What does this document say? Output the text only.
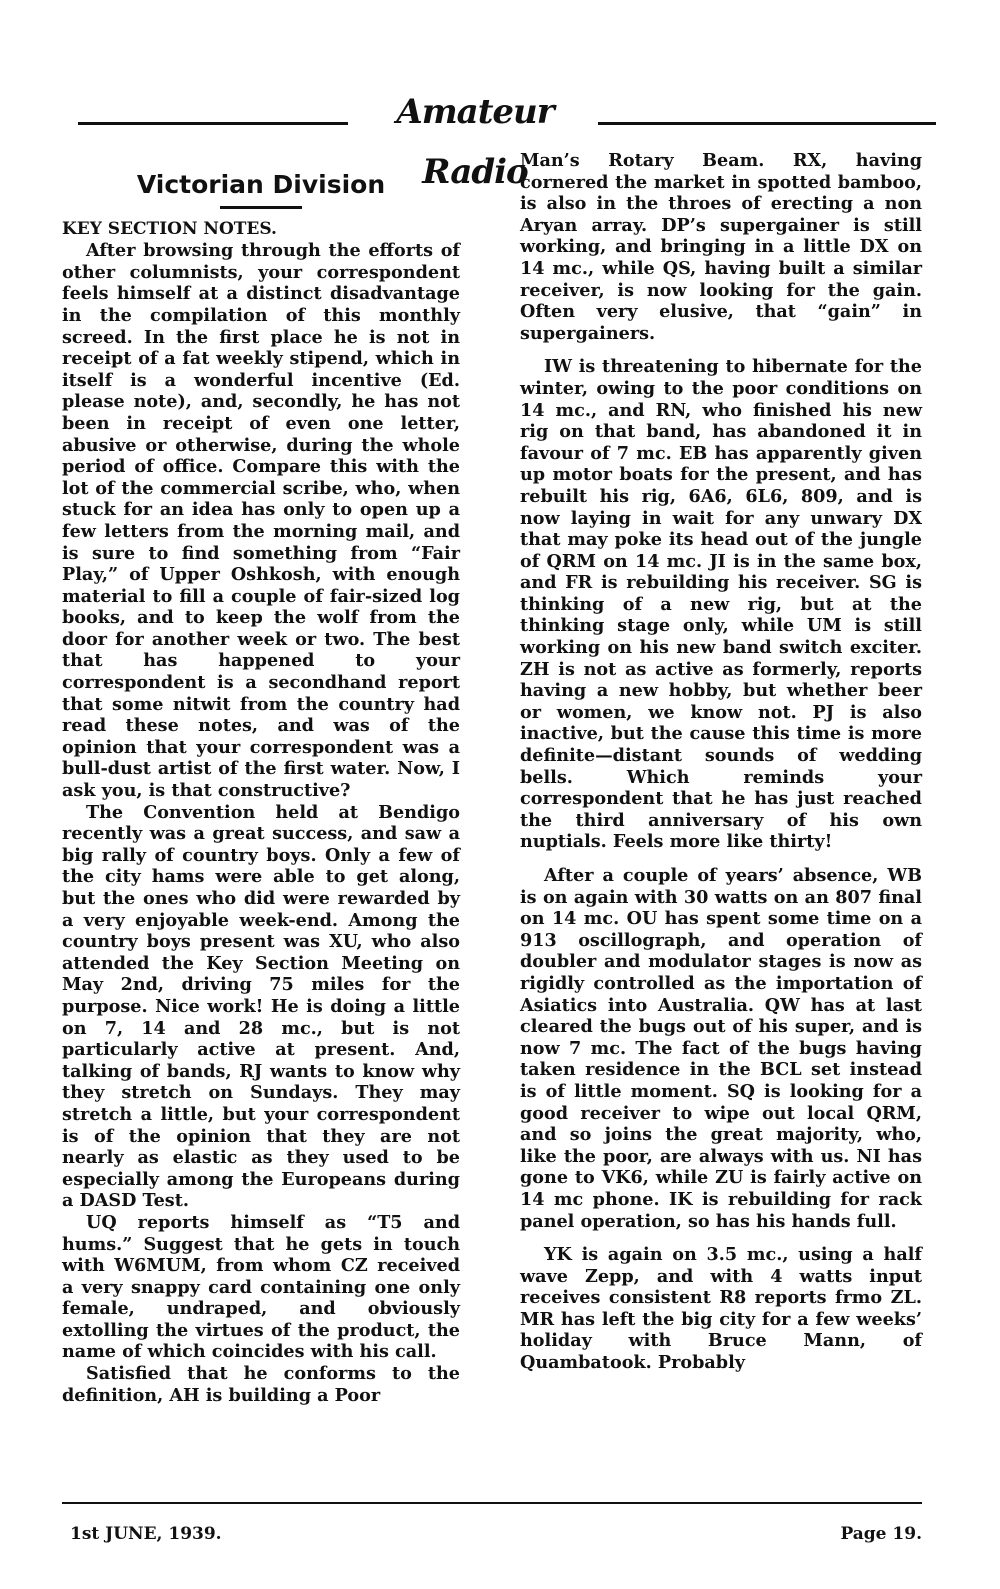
Amateur Radio
Victorian Division

KEY SECTION NOTES.

After browsing through the efforts of other columnists, your correspondent feels himself at a distinct disadvantage in the compilation of this monthly screed. In the first place he is not in receipt of a fat weekly stipend, which in itself is a wonderful incentive (Ed. please note), and, secondly, he has not been in receipt of even one letter, abusive or otherwise, during the whole period of office. Compare this with the lot of the commercial scribe, who, when stuck for an idea has only to open up a few letters from the morning mail, and is sure to find something from “Fair Play,” of Upper Oshkosh, with enough material to fill a couple of fair-sized log books, and to keep the wolf from the door for another week or two. The best that has happened to your correspondent is a secondhand report that some nitwit from the country had read these notes, and was of the opinion that your correspondent was a bull-dust artist of the first water. Now, I ask you, is that constructive?

The Convention held at Bendigo recently was a great success, and saw a big rally of country boys. Only a few of the city hams were able to get along, but the ones who did were rewarded by a very enjoyable week-end. Among the country boys present was XU, who also attended the Key Section Meeting on May 2nd, driving 75 miles for the purpose. Nice work! He is doing a little on 7, 14 and 28 mc., but is not particularly active at present. And, talking of bands, RJ wants to know why they stretch on Sundays. They may stretch a little, but your correspondent is of the opinion that they are not nearly as elastic as they used to be especially among the Europeans during a DASD Test.

UQ reports himself as “T5 and hums.” Suggest that he gets in touch with W6MUM, from whom CZ received a very snappy card containing one only female, undraped, and obviously extolling the virtues of the product, the name of which coincides with his call.

Satisfied that he conforms to the definition, AH is building a Poor

Man’s Rotary Beam. RX, having cornered the market in spotted bamboo, is also in the throes of erecting a non Aryan array. DP’s supergainer is still working, and bringing in a little DX on 14 mc., while QS, having built a similar receiver, is now looking for the gain. Often very elusive, that “gain” in supergainers.

IW is threatening to hibernate for the winter, owing to the poor conditions on 14 mc., and RN, who finished his new rig on that band, has abandoned it in favour of 7 mc. EB has apparently given up motor boats for the present, and has rebuilt his rig, 6A6, 6L6, 809, and is now laying in wait for any unwary DX that may poke its head out of the jungle of QRM on 14 mc. JI is in the same box, and FR is rebuilding his receiver. SG is thinking of a new rig, but at the thinking stage only, while UM is still working on his new band switch exciter. ZH is not as active as formerly, reports having a new hobby, but whether beer or women, we know not. PJ is also inactive, but the cause this time is more definite—distant sounds of wedding bells. Which reminds your correspondent that he has just reached the third anniversary of his own nuptials. Feels more like thirty!

After a couple of years’ absence, WB is on again with 30 watts on an 807 final on 14 mc. OU has spent some time on a 913 oscillograph, and operation of doubler and modulator stages is now as rigidly controlled as the importation of Asiatics into Australia. QW has at last cleared the bugs out of his super, and is now 7 mc. The fact of the bugs having taken residence in the BCL set instead is of little moment. SQ is looking for a good receiver to wipe out local QRM, and so joins the great majority, who, like the poor, are always with us. NI has gone to VK6, while ZU is fairly active on 14 mc phone. IK is rebuilding for rack panel operation, so has his hands full.

YK is again on 3.5 mc., using a half wave Zepp, and with 4 watts input receives consistent R8 reports frmo ZL. MR has left the big city for a few weeks’ holiday with Bruce Mann, of Quambatook. Probably

1st JUNE, 1939.	Page 19.
